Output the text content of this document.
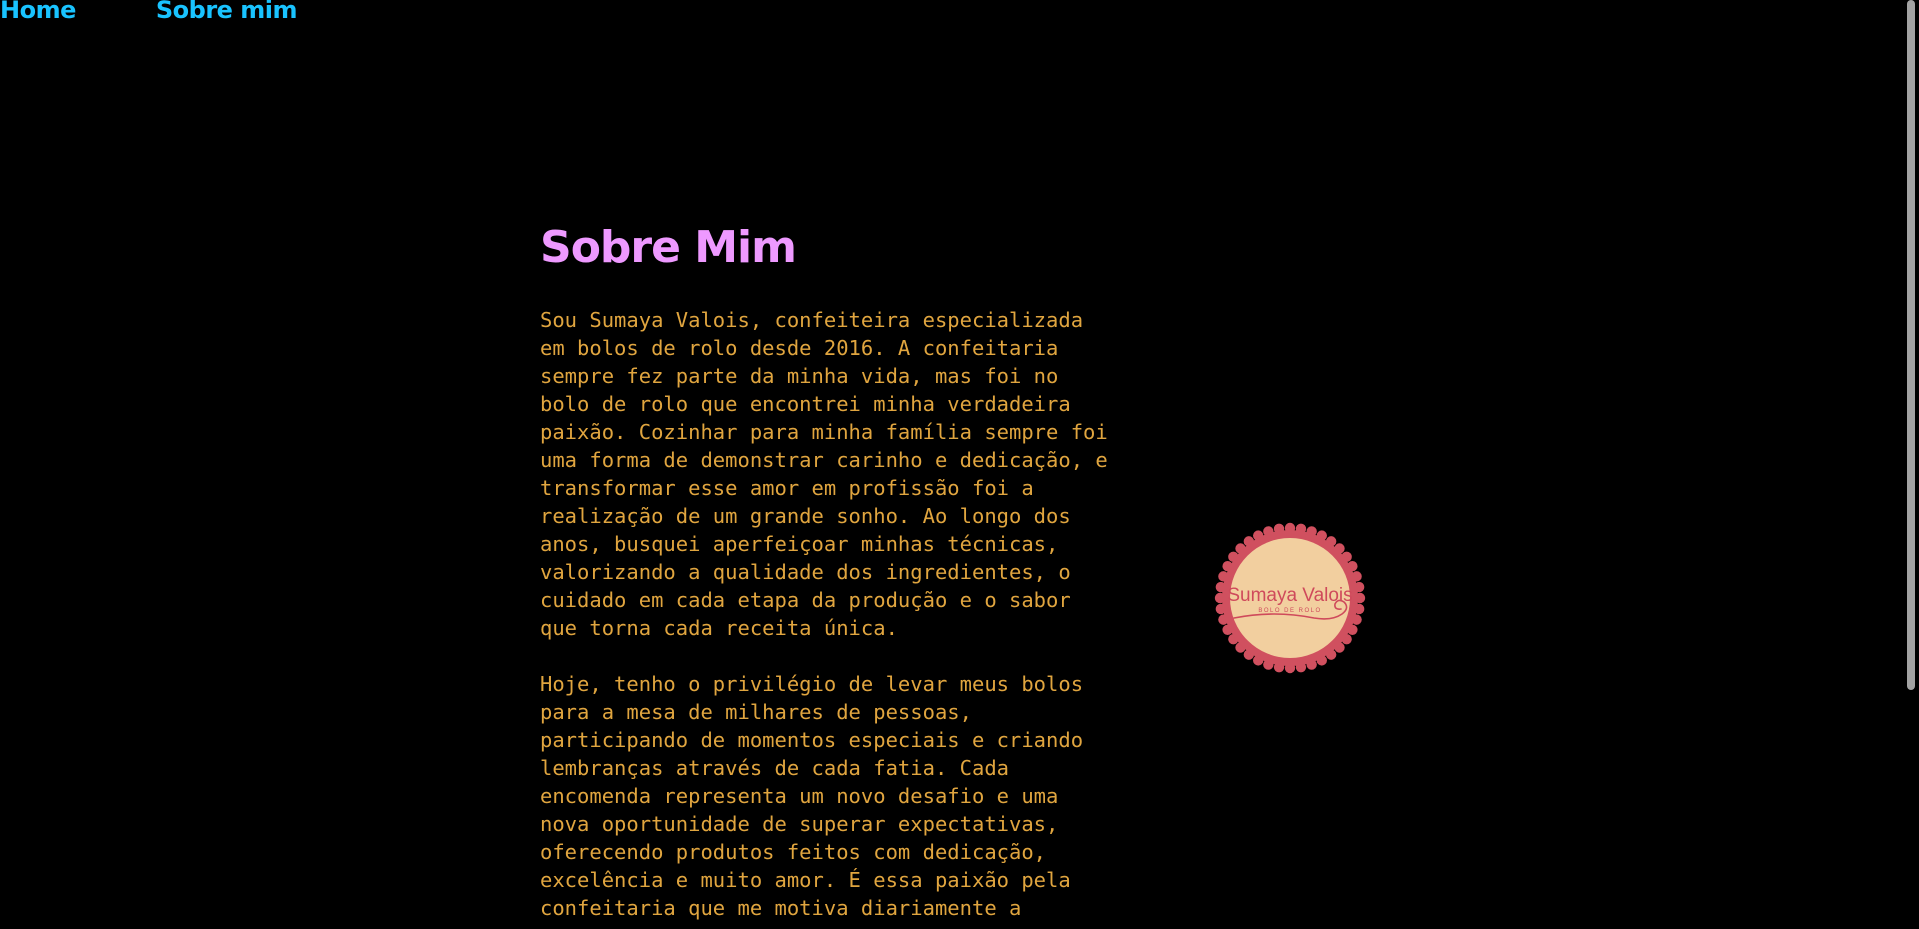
Home	Sobre mim
Sobre Mim

Sou Sumaya Valois, confeiteira especializada
em bolos de rolo desde 2016. A confeitaria
sempre fez parte da minha vida, mas foi no
bolo de rolo que encontrei minha verdadeira
paixão. Cozinhar para minha família sempre foi
uma forma de demonstrar carinho e dedicação, e
transformar esse amor em profissão foi a
realização de um grande sonho. Ao longo dos
anos, busquei aperfeiçoar minhas técnicas,
valorizando a qualidade dos ingredientes, o
cuidado em cada etapa da produção e o sabor
que torna cada receita única.

Hoje, tenho o privilégio de levar meus bolos
para a mesa de milhares de pessoas,
participando de momentos especiais e criando
lembranças através de cada fatia. Cada
encomenda representa um novo desafio e uma
nova oportunidade de superar expectativas,
oferecendo produtos feitos com dedicação,
excelência e muito amor. É essa paixão pela
confeitaria que me motiva diariamente a

Sumaya Valois
BOLO DE ROLO
